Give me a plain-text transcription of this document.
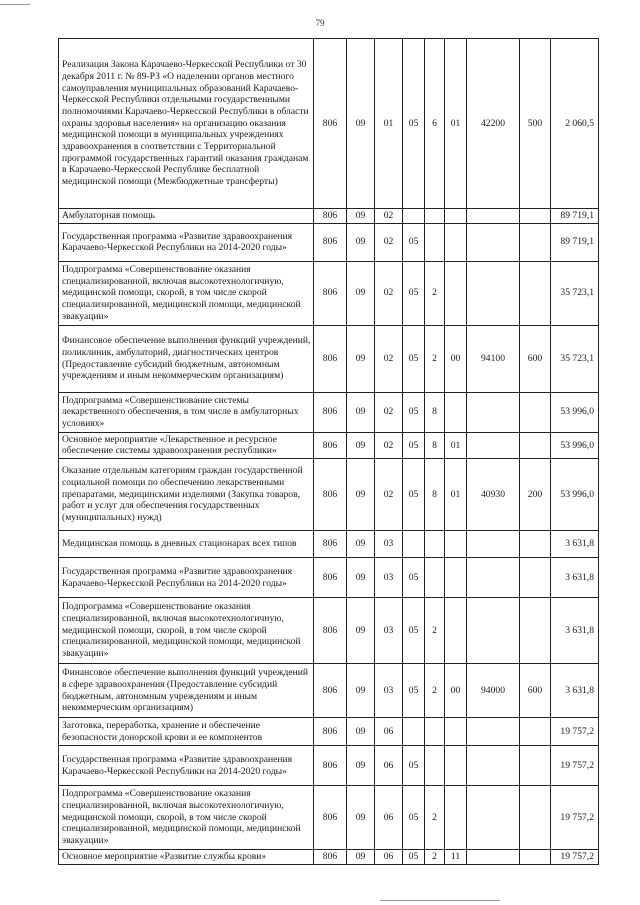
79
Реализация Закона Карачаево-Черкесской Республики от 30 декабря 2011 г. № 89-РЗ «О наделении органов местного самоуправления муниципальных образований Карачаево-Черкесской Республики отдельными государственными полномочиями Карачаево-Черкесской Республики в области охраны здоровья населения» на организацию оказания медицинской помощи в муниципальных учреждениях здравоохранения в соответствии с Территориальной программой государственных гарантий оказания гражданам в Карачаево-Черкесской Республике бесплатной медицинской помощи (Межбюджетные трансферты)	806	09	01	05	6	01	42200	500	2 060,5
Амбулаторная помощь	806	09	02						89 719,1
Государственная программа «Развитие здравоохранения Карачаево-Черкесской Республики на 2014-2020 годы»	806	09	02	05					89 719,1
Подпрограмма «Совершенствование оказания специализированной, включая высокотехнологичную, медицинской помощи, скорой, в том числе скорой специализированной, медицинской помощи, медицинской эвакуации»	806	09	02	05	2				35 723,1
Финансовое обеспечение выполнения функций учреждений, поликлиник, амбулаторий, диагностических центров (Предоставление субсидий бюджетным, автономным учреждениям и иным некоммерческим организациям)	806	09	02	05	2	00	94100	600	35 723,1
Подпрограмма «Совершенствование системы лекарственного обеспечения, в том числе в амбулаторных условиях»	806	09	02	05	8				53 996,0
Основное мероприятие «Лекарственное и ресурсное обеспечение системы здравоохранения республики»	806	09	02	05	8	01			53 996,0
Оказание отдельным категориям граждан государственной социальной помощи по обеспечению лекарственными препаратами, медицинскими изделиями (Закупка товаров, работ и услуг для обеспечения государственных (муниципальных) нужд)	806	09	02	05	8	01	40930	200	53 996,0
Медицинская помощь в дневных стационарах всех типов	806	09	03						3 631,8
Государственная программа «Развитие здравоохранения Карачаево-Черкесской Республики на 2014-2020 годы»	806	09	03	05					3 631,8
Подпрограмма «Совершенствование оказания специализированной, включая высокотехнологичную, медицинской помощи, скорой, в том числе скорой специализированной, медицинской помощи, медицинской эвакуации»	806	09	03	05	2				3 631,8
Финансовое обеспечение выполнения функций учреждений в сфере здравоохранения (Предоставление субсидий бюджетным, автономным учреждениям и иным некоммерческим организациям)	806	09	03	05	2	00	94000	600	3 631,8
Заготовка, переработка, хранение и обеспечение безопасности донорской крови и ее компонентов	806	09	06						19 757,2
Государственная программа «Развитие здравоохранения Карачаево-Черкесской Республики на 2014-2020 годы»	806	09	06	05					19 757,2
Подпрограмма «Совершенствование оказания специализированной, включая высокотехнологичную, медицинской помощи, скорой, в том числе скорой специализированной, медицинской помощи, медицинской эвакуации»	806	09	06	05	2				19 757,2
Основное мероприятие «Развитие службы крови»	806	09	06	05	2	11			19 757,2
